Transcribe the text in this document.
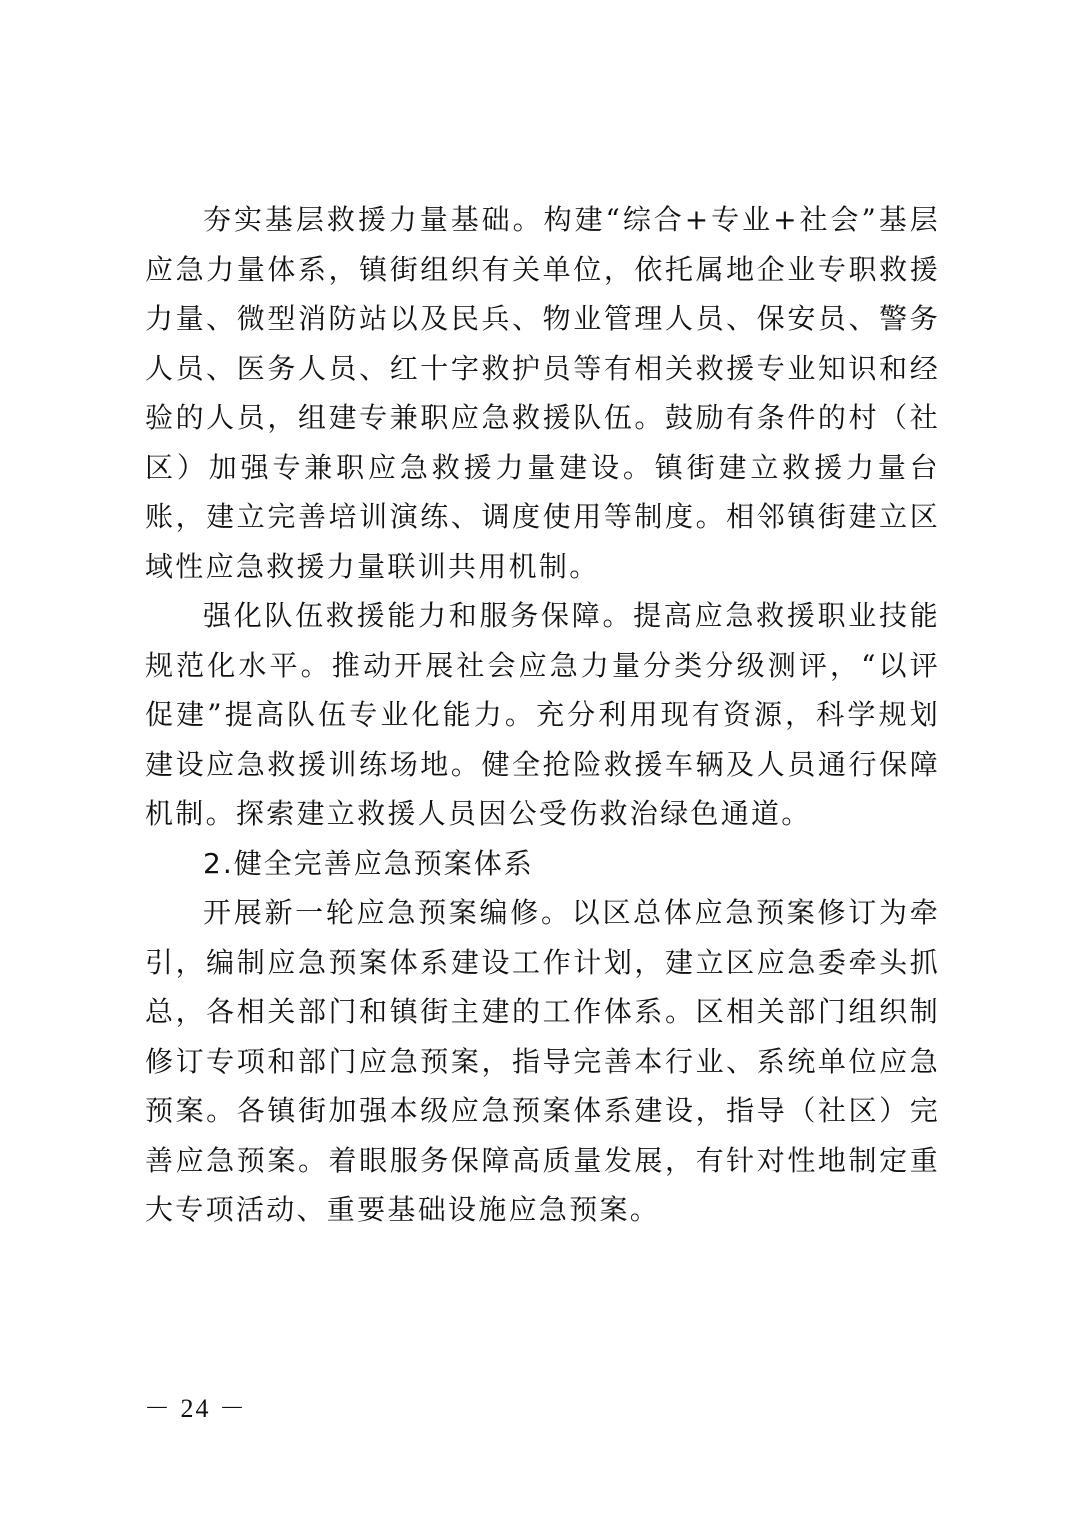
夯实基层救援力量基础。构建“综合+专业+社会”基层应急力量体系，镇街组织有关单位，依托属地企业专职救援力量、微型消防站以及民兵、物业管理人员、保安员、警务人员、医务人员、红十字救护员等有相关救援专业知识和经验的人员，组建专兼职应急救援队伍。鼓励有条件的村（社区）加强专兼职应急救援力量建设。镇街建立救援力量台账，建立完善培训演练、调度使用等制度。相邻镇街建立区域性应急救援力量联训共用机制。

强化队伍救援能力和服务保障。提高应急救援职业技能规范化水平。推动开展社会应急力量分类分级测评，“以评促建”提高队伍专业化能力。充分利用现有资源，科学规划建设应急救援训练场地。健全抢险救援车辆及人员通行保障机制。探索建立救援人员因公受伤救治绿色通道。

2.健全完善应急预案体系

开展新一轮应急预案编修。以区总体应急预案修订为牵引，编制应急预案体系建设工作计划，建立区应急委牵头抓总，各相关部门和镇街主建的工作体系。区相关部门组织制修订专项和部门应急预案，指导完善本行业、系统单位应急预案。各镇街加强本级应急预案体系建设，指导（社区）完善应急预案。着眼服务保障高质量发展，有针对性地制定重大专项活动、重要基础设施应急预案。

－ 24 －
